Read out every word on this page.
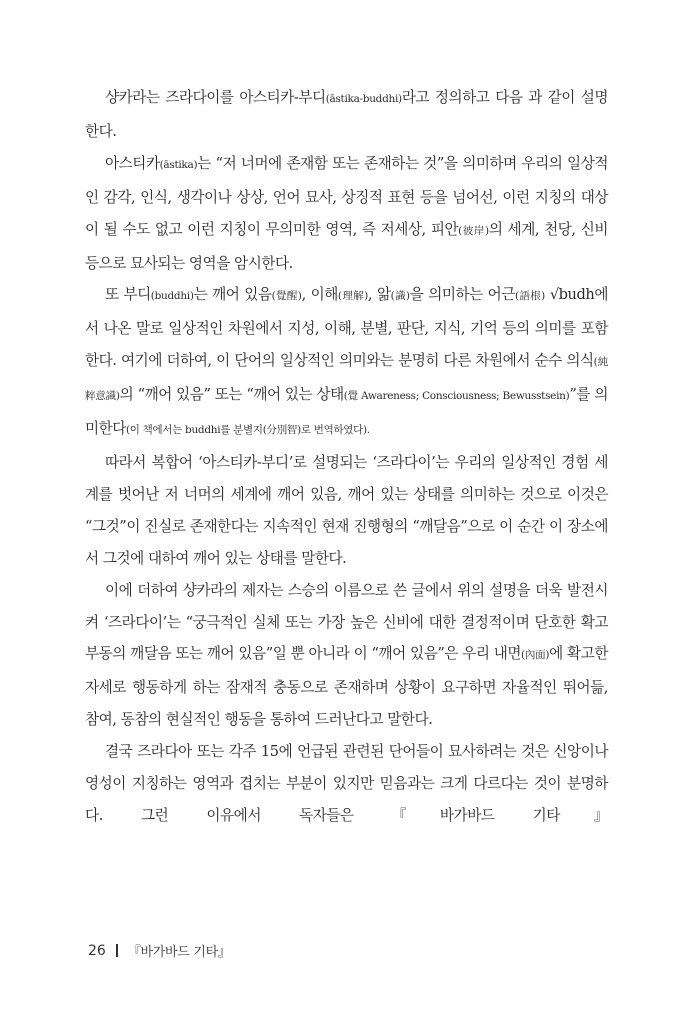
샹카라는 즈라다이를 아스티카-부디(āstika-buddhi)라고 정의하고 다음 과 같이 설명한다.

아스티카(āstika)는 “저 너머에 존재함 또는 존재하는 것”을 의미하며 우리의 일상적인 감각, 인식, 생각이나 상상, 언어 묘사, 상징적 표현 등을 넘어선, 이런 지칭의 대상이 될 수도 없고 이런 지칭이 무의미한 영역, 즉 저세상, 피안(彼岸)의 세계, 천당, 신비 등으로 묘사되는 영역을 암시한다.

또 부디(buddhi)는 깨어 있음(覺醒), 이해(理解), 앎(識)을 의미하는 어근(語根) √budh에서 나온 말로 일상적인 차원에서 지성, 이해, 분별, 판단, 지식, 기억 등의 의미를 포함한다. 여기에 더하여, 이 단어의 일상적인 의미와는 분명히 다른 차원에서 순수 의식(純粹意識)의 “깨어 있음” 또는 “깨어 있는 상태(覺 Awareness; Consciousness; Bewusstsein)”를 의미한다(이 책에서는 buddhi를 분별지(分別智)로 번역하였다).

따라서 복합어 ‘아스티카-부디’로 설명되는 ‘즈라다이’는 우리의 일상적인 경험 세계를 벗어난 저 너머의 세계에 깨어 있음, 깨어 있는 상태를 의미하는 것으로 이것은 “그것”이 진실로 존재한다는 지속적인 현재 진행형의 “깨달음”으로 이 순간 이 장소에서 그것에 대하여 깨어 있는 상태를 말한다.

이에 더하여 샹카라의 제자는 스승의 이름으로 쓴 글에서 위의 설명을 더욱 발전시켜 ‘즈라다이’는 “궁극적인 실체 또는 가장 높은 신비에 대한 결정적이며 단호한 확고부동의 깨달음 또는 깨어 있음”일 뿐 아니라 이 “깨어 있음”은 우리 내면(內面)에 확고한 자세로 행동하게 하는 잠재적 충동으로 존재하며 상황이 요구하면 자율적인 뛰어듦, 참여, 동참의 현실적인 행동을 통하여 드러난다고 말한다.

결국 즈라다아 또는 각주 15에 언급된 관련된 단어들이 묘사하려는 것은 신앙이나 영성이 지칭하는 영역과 겹치는 부분이 있지만 믿음과는 크게 다르다는 것이 분명하다. 그런 이유에서 독자들은 『바가바드 기타』

26 『바가바드 기타』
